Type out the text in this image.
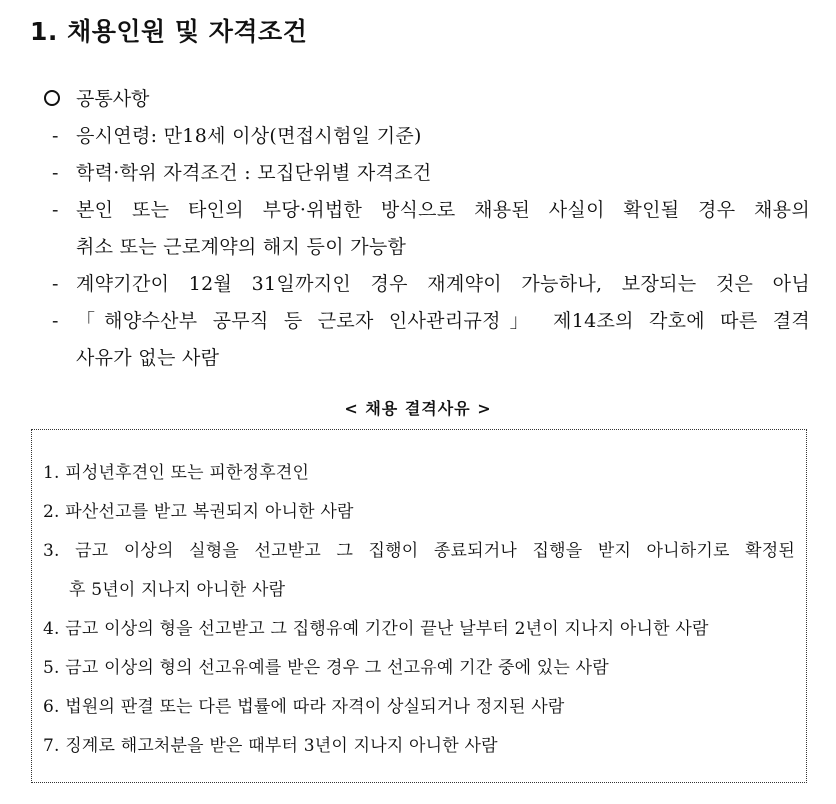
1. 채용인원 및 자격조건
공통사항
- 응시연령: 만18세 이상(면접시험일 기준)
- 학력·학위 자격조건 : 모집단위별 자격조건
- 본인 또는 타인의 부당·위법한 방식으로 채용된 사실이 확인될 경우 채용의
취소 또는 근로계약의 해지 등이 가능함
- 계약기간이 12월 31일까지인 경우 재계약이 가능하나, 보장되는 것은 아님
- 「해양수산부 공무직 등 근로자 인사관리규정」 제14조의 각호에 따른 결격
사유가 없는 사람
< 채용 결격사유 >
1. 피성년후견인 또는 피한정후견인
2. 파산선고를 받고 복권되지 아니한 사람
3. 금고 이상의 실형을 선고받고 그 집행이 종료되거나 집행을 받지 아니하기로 확정된
후 5년이 지나지 아니한 사람
4. 금고 이상의 형을 선고받고 그 집행유예 기간이 끝난 날부터 2년이 지나지 아니한 사람
5. 금고 이상의 형의 선고유예를 받은 경우 그 선고유예 기간 중에 있는 사람
6. 법원의 판결 또는 다른 법률에 따라 자격이 상실되거나 정지된 사람
7. 징계로 해고처분을 받은 때부터 3년이 지나지 아니한 사람
